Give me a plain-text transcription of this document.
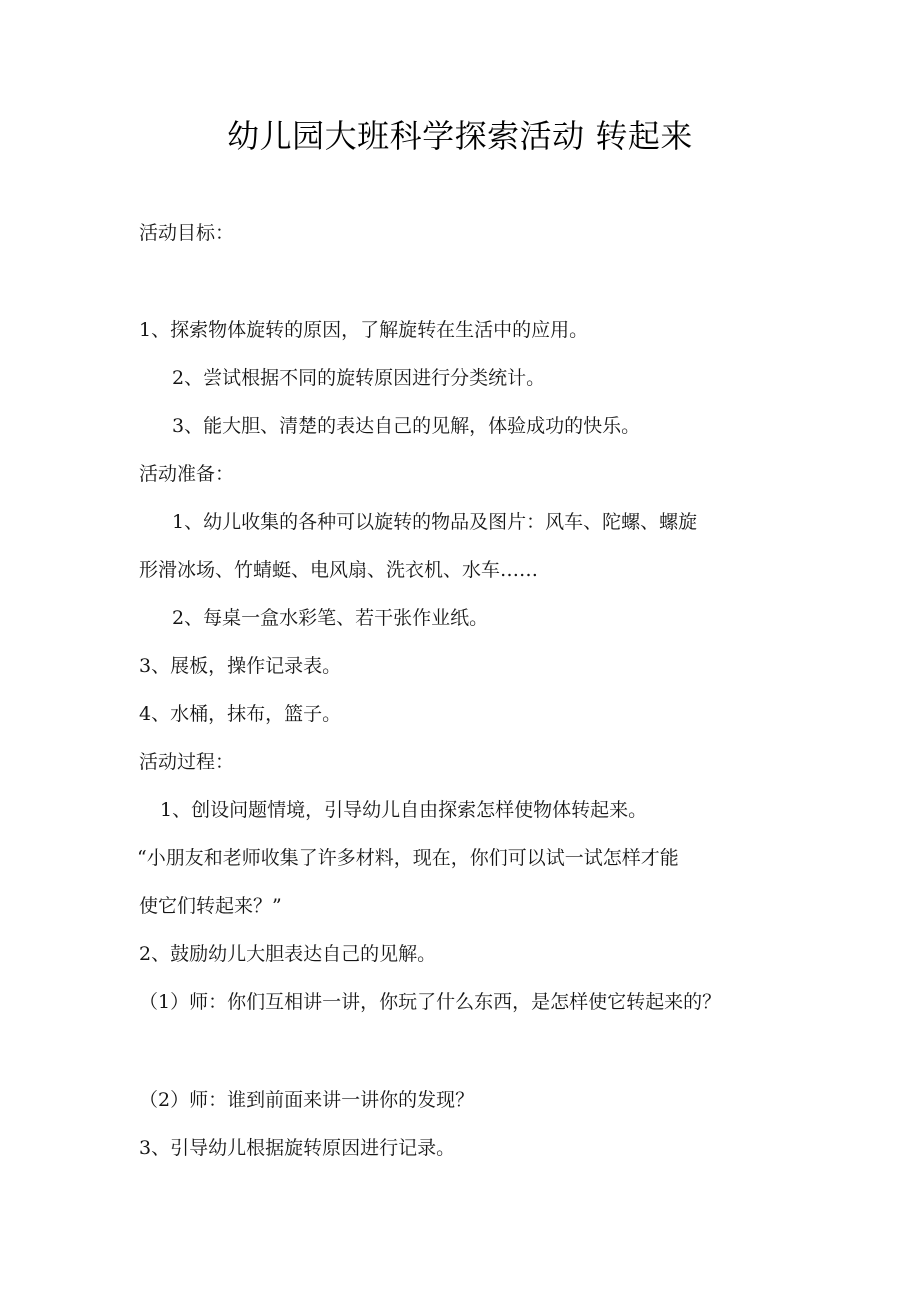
幼儿园大班科学探索活动 转起来
活动目标：
1、探索物体旋转的原因，了解旋转在生活中的应用。
2、尝试根据不同的旋转原因进行分类统计。
3、能大胆、清楚的表达自己的见解，体验成功的快乐。
活动准备：
1、幼儿收集的各种可以旋转的物品及图片：风车、陀螺、螺旋
形滑冰场、竹蜻蜓、电风扇、洗衣机、水车……
2、每桌一盒水彩笔、若干张作业纸。
3、展板，操作记录表。
4、水桶，抹布，篮子。
活动过程：
1、创设问题情境，引导幼儿自由探索怎样使物体转起来。
“小朋友和老师收集了许多材料，现在，你们可以试一试怎样才能
使它们转起来？”
2、鼓励幼儿大胆表达自己的见解。
（1）师：你们互相讲一讲，你玩了什么东西，是怎样使它转起来的？
（2）师：谁到前面来讲一讲你的发现？
3、引导幼儿根据旋转原因进行记录。
